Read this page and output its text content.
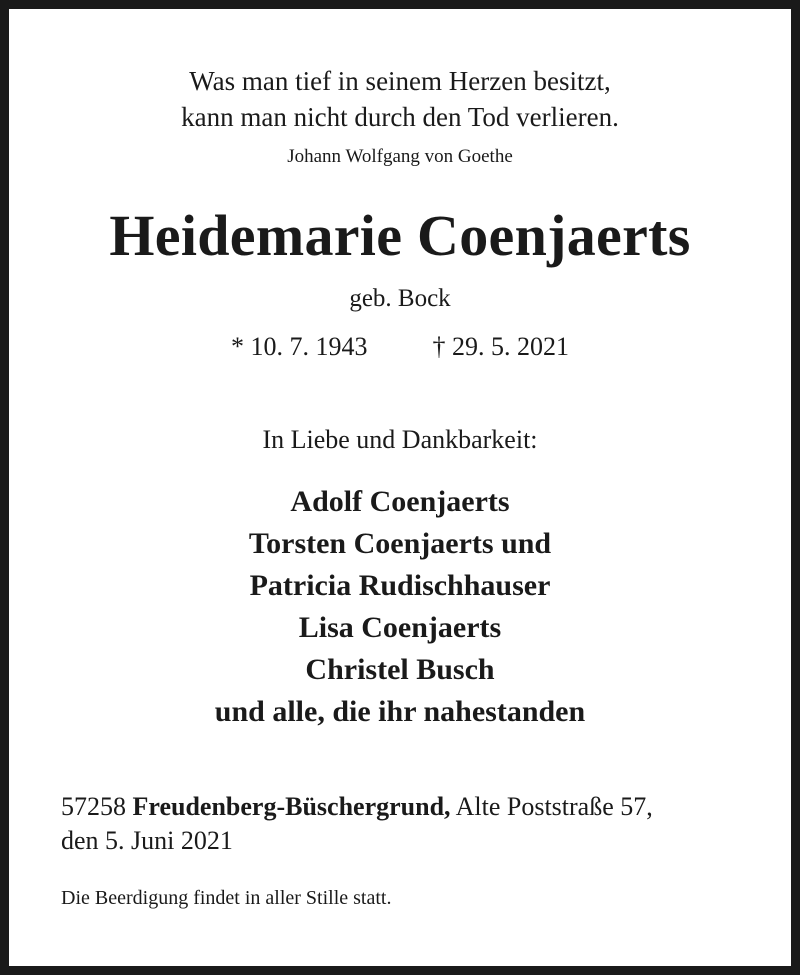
Was man tief in seinem Herzen besitzt,
kann man nicht durch den Tod verlieren.
Johann Wolfgang von Goethe
Heidemarie Coenjaerts
geb. Bock
* 10. 7. 1943	† 29. 5. 2021
In Liebe und Dankbarkeit:
Adolf Coenjaerts
Torsten Coenjaerts und
Patricia Rudischhauser
Lisa Coenjaerts
Christel Busch
und alle, die ihr nahestanden
57258 Freudenberg-Büschergrund, Alte Poststraße 57,
den 5. Juni 2021
Die Beerdigung findet in aller Stille statt.
